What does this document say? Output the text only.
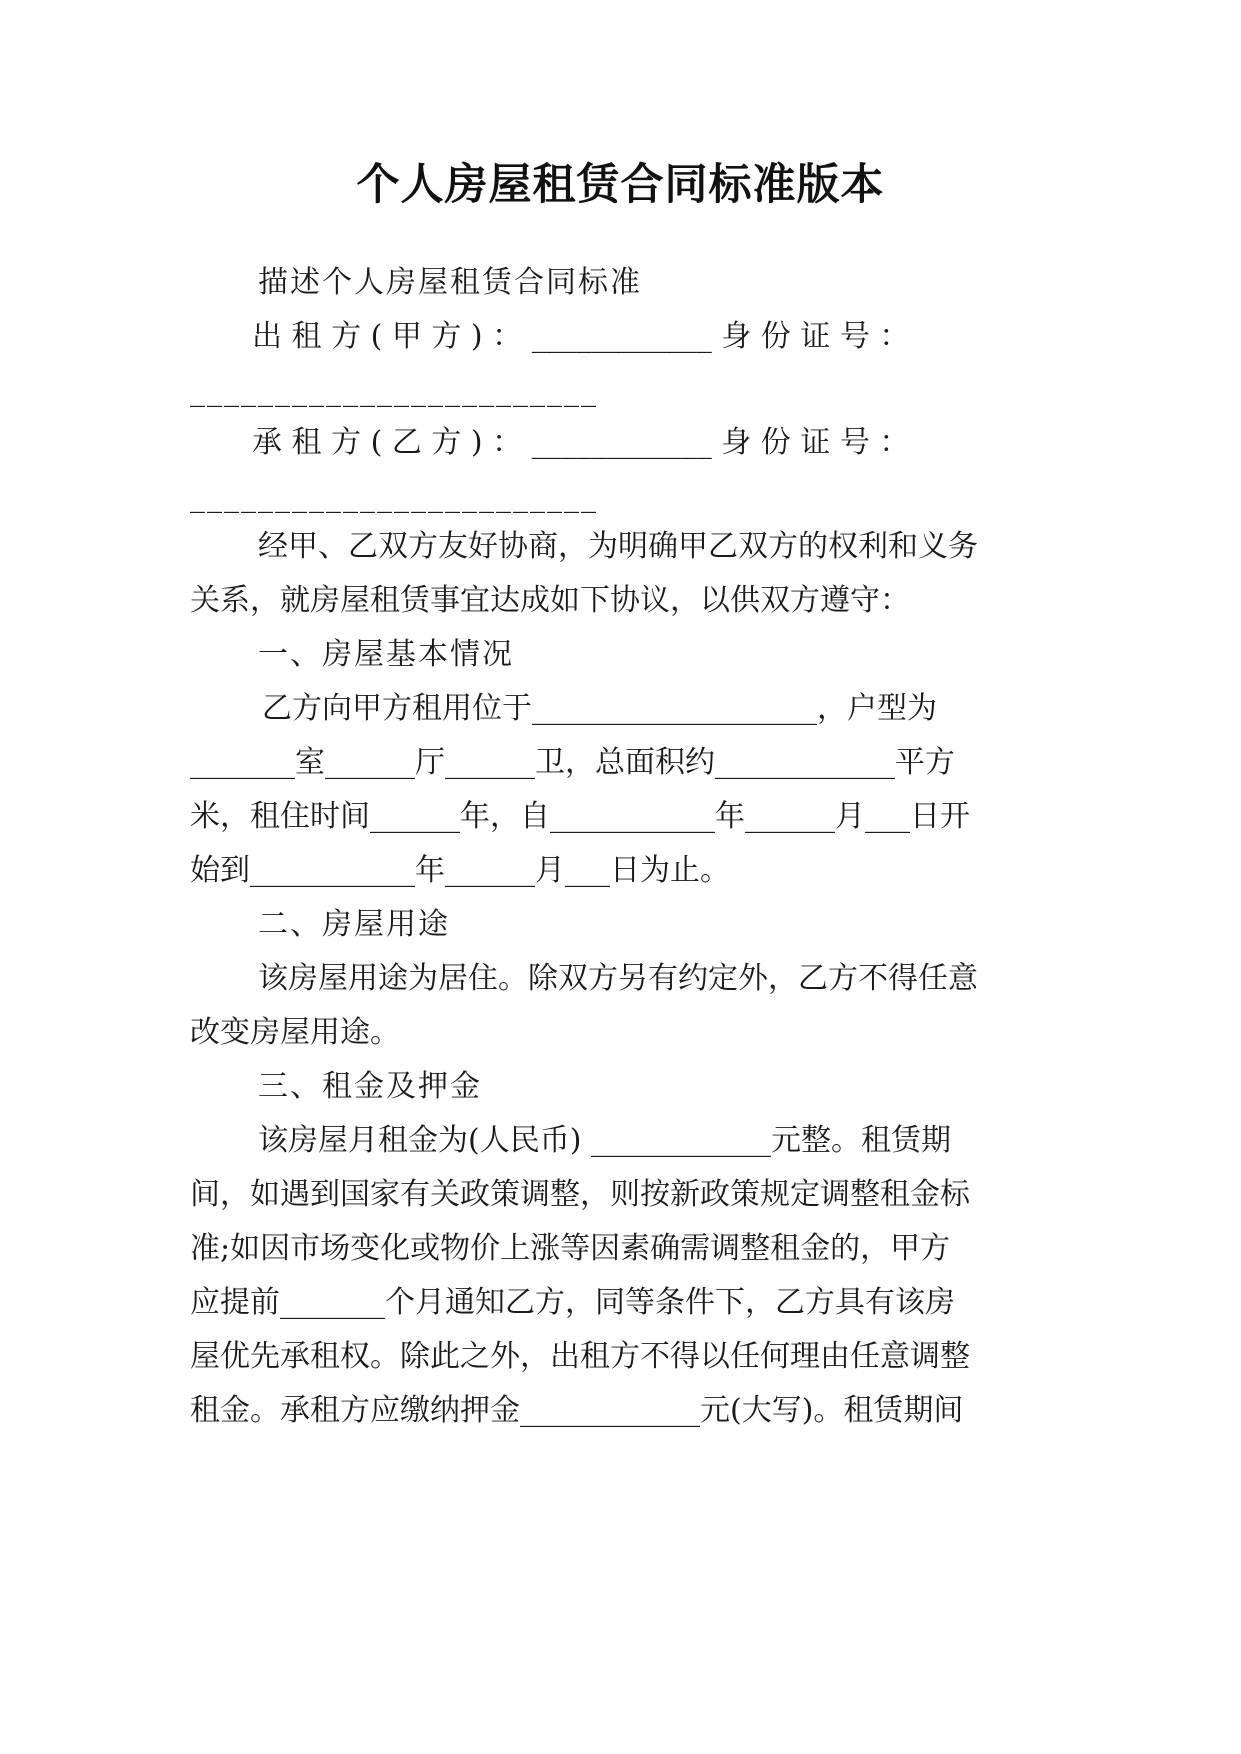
个人房屋租赁合同标准版本
描述个人房屋租赁合同标准
出 租 方 ( 甲 方 ) ： ____________ 身 份 证 号 ：
________________________
承 租 方 ( 乙 方 ) ： ____________ 身 份 证 号 ：
________________________
经甲、乙双方友好协商，为明确甲乙双方的权利和义务
关系，就房屋租赁事宜达成如下协议，以供双方遵守：
一、房屋基本情况
乙方向甲方租用位于___________________，户型为
_______室______厅______卫，总面积约____________平方
米，租住时间______年，自___________年______月___日开
始到___________年______月___日为止。
二、房屋用途
该房屋用途为居住。除双方另有约定外，乙方不得任意
改变房屋用途。
三、租金及押金
该房屋月租金为(人民币) ____________元整。租赁期
间，如遇到国家有关政策调整，则按新政策规定调整租金标
准;如因市场变化或物价上涨等因素确需调整租金的，甲方
应提前_______个月通知乙方，同等条件下，乙方具有该房
屋优先承租权。除此之外，出租方不得以任何理由任意调整
租金。承租方应缴纳押金____________元(大写)。租赁期间
